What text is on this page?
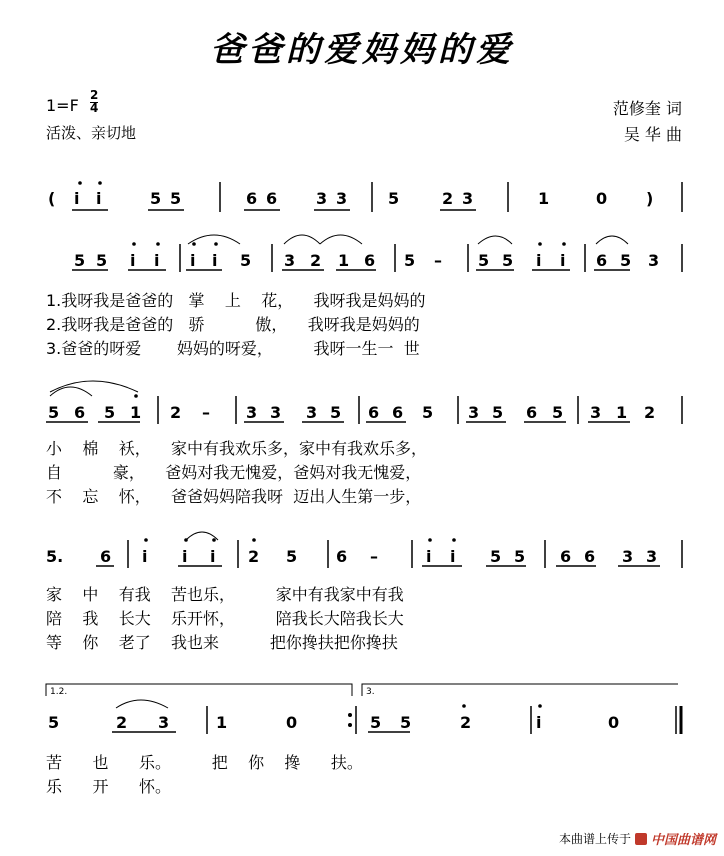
爸爸的爱妈妈的爱
$1=F \frac{2}{4}$
活泼、亲切地
范修奎 词
吴 华 曲
1.2.	3.
( i i	5 5	6 6 3 3	5	2 3	1	0 )
5 5 i i i i 5 3 2 1 6 5 – 5 5 i i 6 5 3
5 6 5 1 2 – 3 3 3 5 6 6 5 3 5 6 5 3 1 2
5. 6 i i i 2 5 6 –	i i 5 5 6 6 3 3
5	2 3	1	0	5 5	2	i	0
1.我呀我是爸爸的   掌    上    花，    我呀我是妈妈的
2.我呀我是爸爸的   骄          傲，    我呀我是妈妈的
3.爸爸的呀爱       妈妈的呀爱，        我呀一生一  世
小    棉    袄，    家中有我欢乐多，家中有我欢乐多，
自          豪，    爸妈对我无愧爱，爸妈对我无愧爱，
不    忘    怀，    爸爸妈妈陪我呀  迈出人生第一步，
家    中    有我    苦也乐，        家中有我家中有我
陪    我    长大    乐开怀，        陪我长大陪我长大
等    你    老了    我也来          把你搀扶把你搀扶
苦      也      乐。        把    你    搀      扶。
乐      开      怀。
本曲谱上传于 中国曲谱网
